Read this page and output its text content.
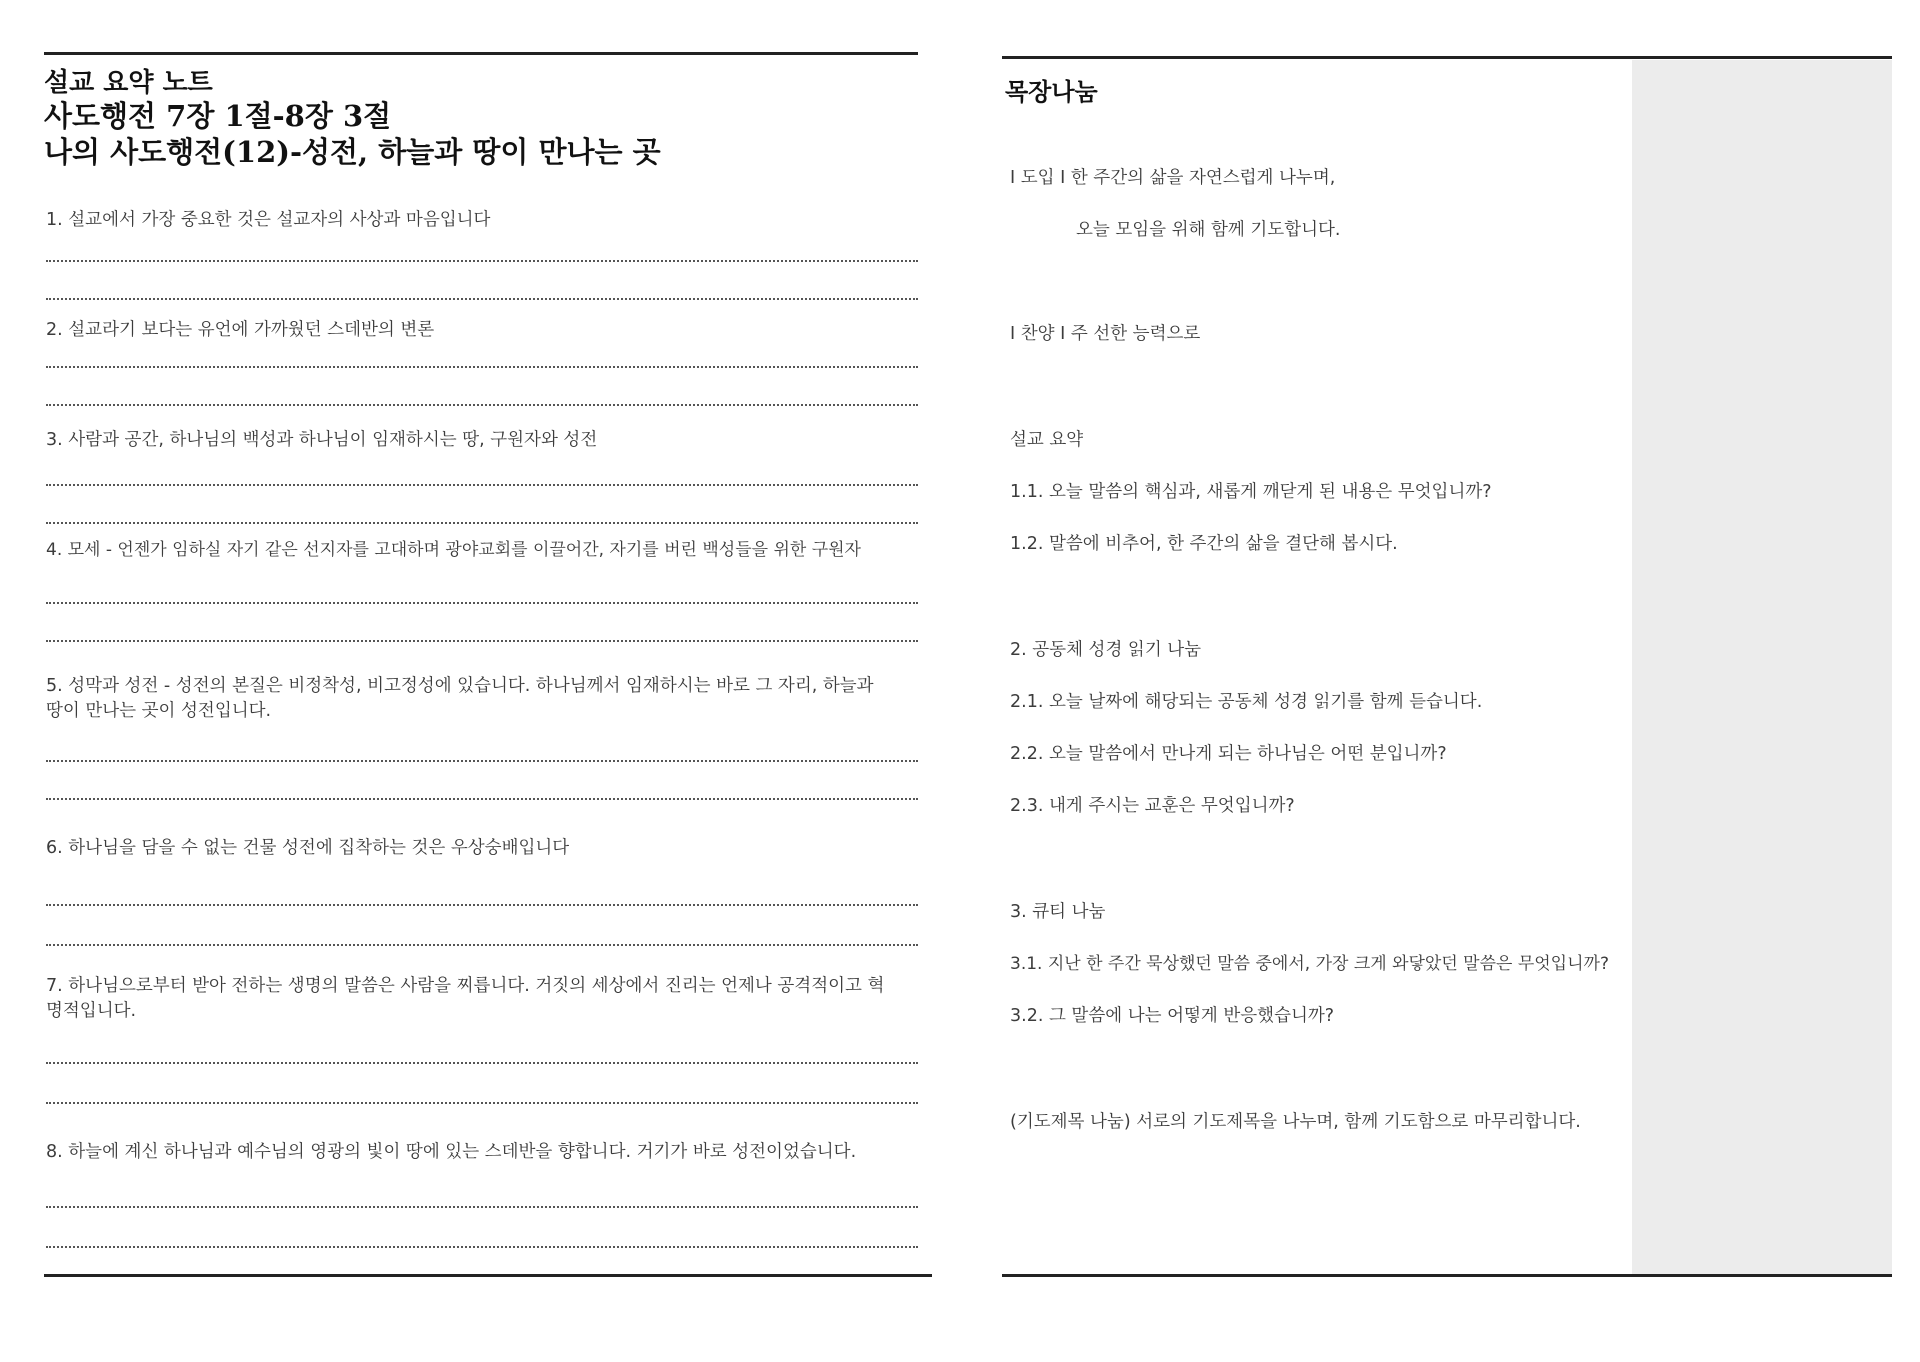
설교 요약 노트
사도행전 7장 1절-8장 3절
나의 사도행전(12)-성전, 하늘과 땅이 만나는 곳
1. 설교에서 가장 중요한 것은 설교자의 사상과 마음입니다
2. 설교라기 보다는 유언에 가까웠던 스데반의 변론
3. 사람과 공간, 하나님의 백성과 하나님이 임재하시는 땅, 구원자와 성전
4. 모세 - 언젠가 임하실 자기 같은 선지자를 고대하며 광야교회를 이끌어간, 자기를 버린 백성들을 위한 구원자
5. 성막과 성전 - 성전의 본질은 비정착성, 비고정성에 있습니다. 하나님께서 임재하시는 바로 그 자리, 하늘과 땅이 만나는 곳이 성전입니다.
6. 하나님을 담을 수 없는 건물 성전에 집착하는 것은 우상숭배입니다
7. 하나님으로부터 받아 전하는 생명의 말씀은 사람을 찌릅니다. 거짓의 세상에서 진리는 언제나 공격적이고 혁명적입니다.
8. 하늘에 계신 하나님과 예수님의 영광의 빛이 땅에 있는 스데반을 향합니다. 거기가 바로 성전이었습니다.
목장나눔
I 도입 I 한 주간의 삶을 자연스럽게 나누며,
오늘 모임을 위해 함께 기도합니다.
I 찬양 I 주 선한 능력으로
설교 요약
1.1. 오늘 말씀의 핵심과, 새롭게 깨닫게 된 내용은 무엇입니까?
1.2. 말씀에 비추어, 한 주간의 삶을 결단해 봅시다.
2. 공동체 성경 읽기 나눔
2.1. 오늘 날짜에 해당되는 공동체 성경 읽기를 함께 듣습니다.
2.2. 오늘 말씀에서 만나게 되는 하나님은 어떤 분입니까?
2.3. 내게 주시는 교훈은 무엇입니까?
3. 큐티 나눔
3.1. 지난 한 주간 묵상했던 말씀 중에서, 가장 크게 와닿았던 말씀은 무엇입니까?
3.2. 그 말씀에 나는 어떻게 반응했습니까?
(기도제목 나눔) 서로의 기도제목을 나누며, 함께 기도함으로 마무리합니다.
